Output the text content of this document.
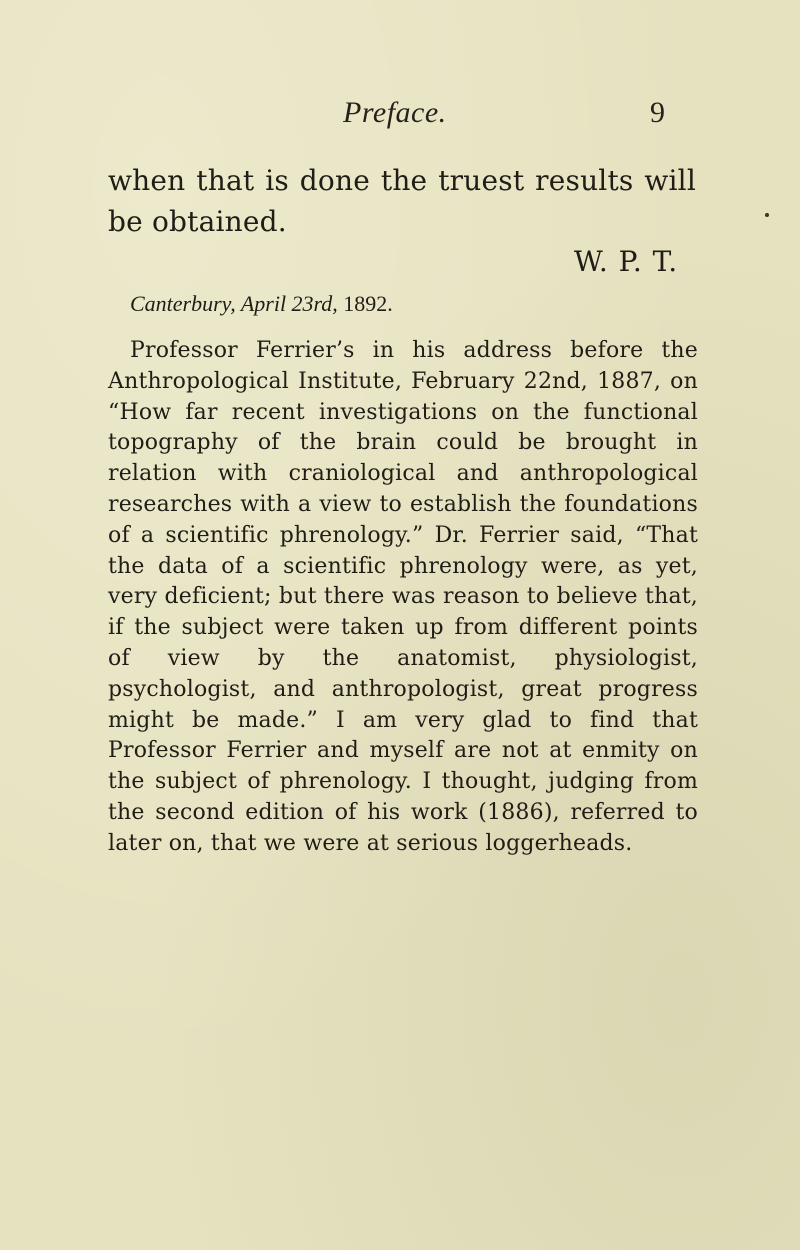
Preface.	9
when that is done the truest results will be obtained.
W. P. T.
Canterbury, April 23rd, 1892.
Professor Ferrier’s in his address before the Anthropological Institute, February 22nd, 1887, on “How far recent investigations on the functional topography of the brain could be brought in relation with craniological and anthropological researches with a view to establish the foundations of a scientific phrenology.” Dr. Ferrier said, “That the data of a scientific phrenology were, as yet, very deficient; but there was reason to believe that, if the subject were taken up from different points of view by the anatomist, physiologist, psychologist, and anthropologist, great progress might be made.” I am very glad to find that Professor Ferrier and myself are not at enmity on the subject of phrenology. I thought, judging from the second edition of his work (1886), referred to later on, that we were at serious loggerheads.
